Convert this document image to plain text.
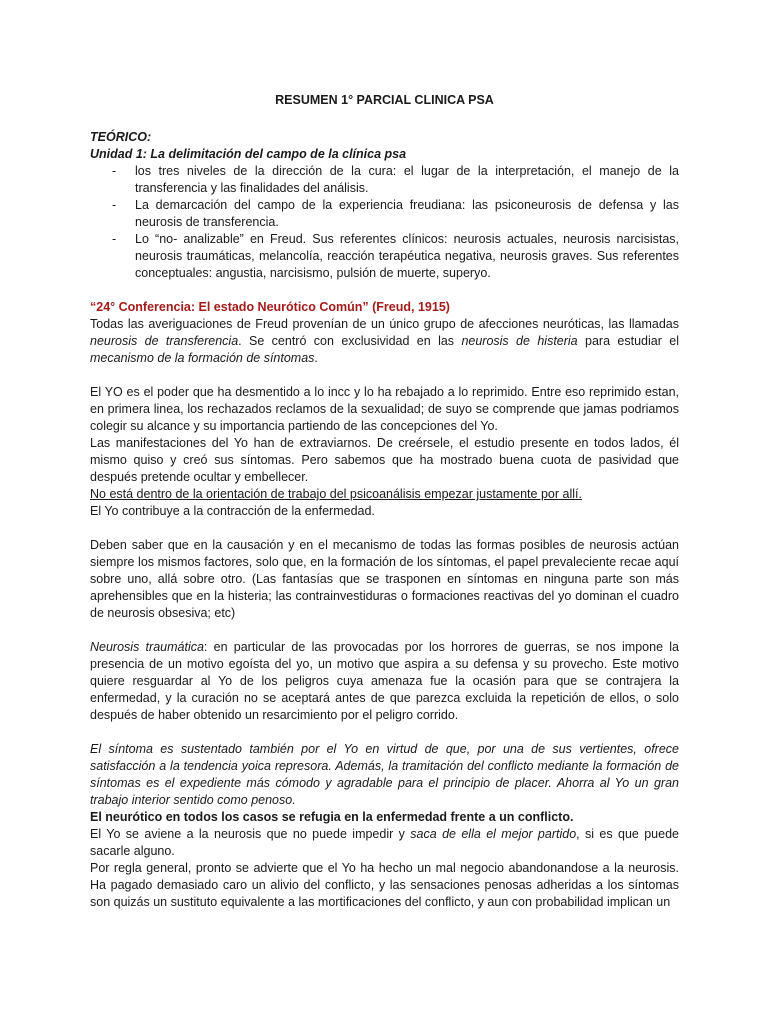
RESUMEN 1° PARCIAL CLINICA PSA

TEÓRICO:

Unidad 1: La delimitación del campo de la clínica psa

- los tres niveles de la dirección de la cura: el lugar de la interpretación, el manejo de la transferencia y las finalidades del análisis.
- La demarcación del campo de la experiencia freudiana: las psiconeurosis de defensa y las neurosis de transferencia.
- Lo “no- analizable” en Freud. Sus referentes clínicos: neurosis actuales, neurosis narcisistas, neurosis traumáticas, melancolía, reacción terapéutica negativa, neurosis graves. Sus referentes conceptuales: angustia, narcisismo, pulsión de muerte, superyo.

“24° Conferencia: El estado Neurótico Común” (Freud, 1915)

Todas las averiguaciones de Freud provenían de un único grupo de afecciones neuróticas, las llamadas neurosis de transferencia. Se centró con exclusividad en las neurosis de histeria para estudiar el mecanismo de la formación de síntomas.

El YO es el poder que ha desmentido a lo incc y lo ha rebajado a lo reprimido. Entre eso reprimido estan, en primera linea, los rechazados reclamos de la sexualidad; de suyo se comprende que jamas podriamos colegir su alcance y su importancia partiendo de las concepciones del Yo.

Las manifestaciones del Yo han de extraviarnos. De creérsele, el estudio presente en todos lados, él mismo quiso y creó sus síntomas. Pero sabemos que ha mostrado buena cuota de pasividad que después pretende ocultar y embellecer.

No está dentro de la orientación de trabajo del psicoanálisis empezar justamente por allí.

El Yo contribuye a la contracción de la enfermedad.

Deben saber que en la causación y en el mecanismo de todas las formas posibles de neurosis actúan siempre los mismos factores, solo que, en la formación de los síntomas, el papel prevaleciente recae aquí sobre uno, allá sobre otro. (Las fantasías que se trasponen en síntomas en ninguna parte son más aprehensibles que en la histeria; las contrainvestiduras o formaciones reactivas del yo dominan el cuadro de neurosis obsesiva; etc)

Neurosis traumática: en particular de las provocadas por los horrores de guerras, se nos impone la presencia de un motivo egoísta del yo, un motivo que aspira a su defensa y su provecho. Este motivo quiere resguardar al Yo de los peligros cuya amenaza fue la ocasión para que se contrajera la enfermedad, y la curación no se aceptará antes de que parezca excluida la repetición de ellos, o solo después de haber obtenido un resarcimiento por el peligro corrido.

El síntoma es sustentado también por el Yo en virtud de que, por una de sus vertientes, ofrece satisfacción a la tendencia yoica represora. Además, la tramitación del conflicto mediante la formación de síntomas es el expediente más cómodo y agradable para el principio de placer. Ahorra al Yo un gran trabajo interior sentido como penoso.

El neurótico en todos los casos se refugia en la enfermedad frente a un conflicto.

El Yo se aviene a la neurosis que no puede impedir y saca de ella el mejor partido, si es que puede sacarle alguno.

Por regla general, pronto se advierte que el Yo ha hecho un mal negocio abandonandose a la neurosis. Ha pagado demasiado caro un alivio del conflicto, y las sensaciones penosas adheridas a los síntomas son quizás un sustituto equivalente a las mortificaciones del conflicto, y aun con probabilidad implican un
